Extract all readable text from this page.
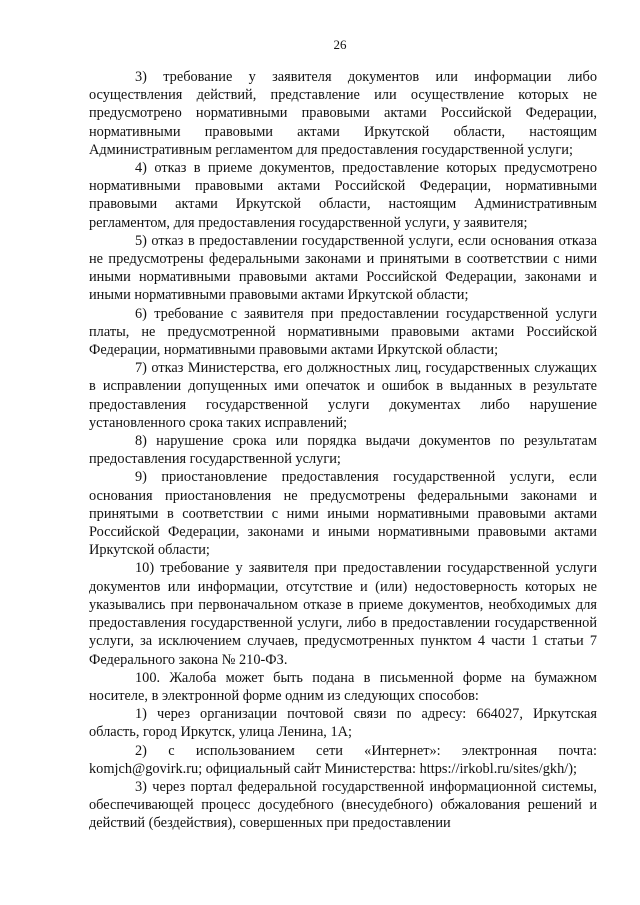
26

3) требование у заявителя документов или информации либо осуществления действий, представление или осуществление которых не предусмотрено нормативными правовыми актами Российской Федерации, нормативными правовыми актами Иркутской области, настоящим Административным регламентом для предоставления государственной услуги;

4) отказ в приеме документов, предоставление которых предусмотрено нормативными правовыми актами Российской Федерации, нормативными правовыми актами Иркутской области, настоящим Административным регламентом, для предоставления государственной услуги, у заявителя;

5) отказ в предоставлении государственной услуги, если основания отказа не предусмотрены федеральными законами и принятыми в соответствии с ними иными нормативными правовыми актами Российской Федерации, законами и иными нормативными правовыми актами Иркутской области;

6) требование с заявителя при предоставлении государственной услуги платы, не предусмотренной нормативными правовыми актами Российской Федерации, нормативными правовыми актами Иркутской области;

7) отказ Министерства, его должностных лиц, государственных служащих в исправлении допущенных ими опечаток и ошибок в выданных в результате предоставления государственной услуги документах либо нарушение установленного срока таких исправлений;

8) нарушение срока или порядка выдачи документов по результатам предоставления государственной услуги;

9) приостановление предоставления государственной услуги, если основания приостановления не предусмотрены федеральными законами и принятыми в соответствии с ними иными нормативными правовыми актами Российской Федерации, законами и иными нормативными правовыми актами Иркутской области;

10) требование у заявителя при предоставлении государственной услуги документов или информации, отсутствие и (или) недостоверность которых не указывались при первоначальном отказе в приеме документов, необходимых для предоставления государственной услуги, либо в предоставлении государственной услуги, за исключением случаев, предусмотренных пунктом 4 части 1 статьи 7 Федерального закона № 210-ФЗ.

100. Жалоба может быть подана в письменной форме на бумажном носителе, в электронной форме одним из следующих способов:

1) через организации почтовой связи по адресу: 664027, Иркутская область, город Иркутск, улица Ленина, 1А;

2) с использованием сети «Интернет»: электронная почта: komjch@govirk.ru; официальный сайт Министерства: https://irkobl.ru/sites/gkh/);

3) через портал федеральной государственной информационной системы, обеспечивающей процесс досудебного (внесудебного) обжалования решений и действий (бездействия), совершенных при предоставлении
